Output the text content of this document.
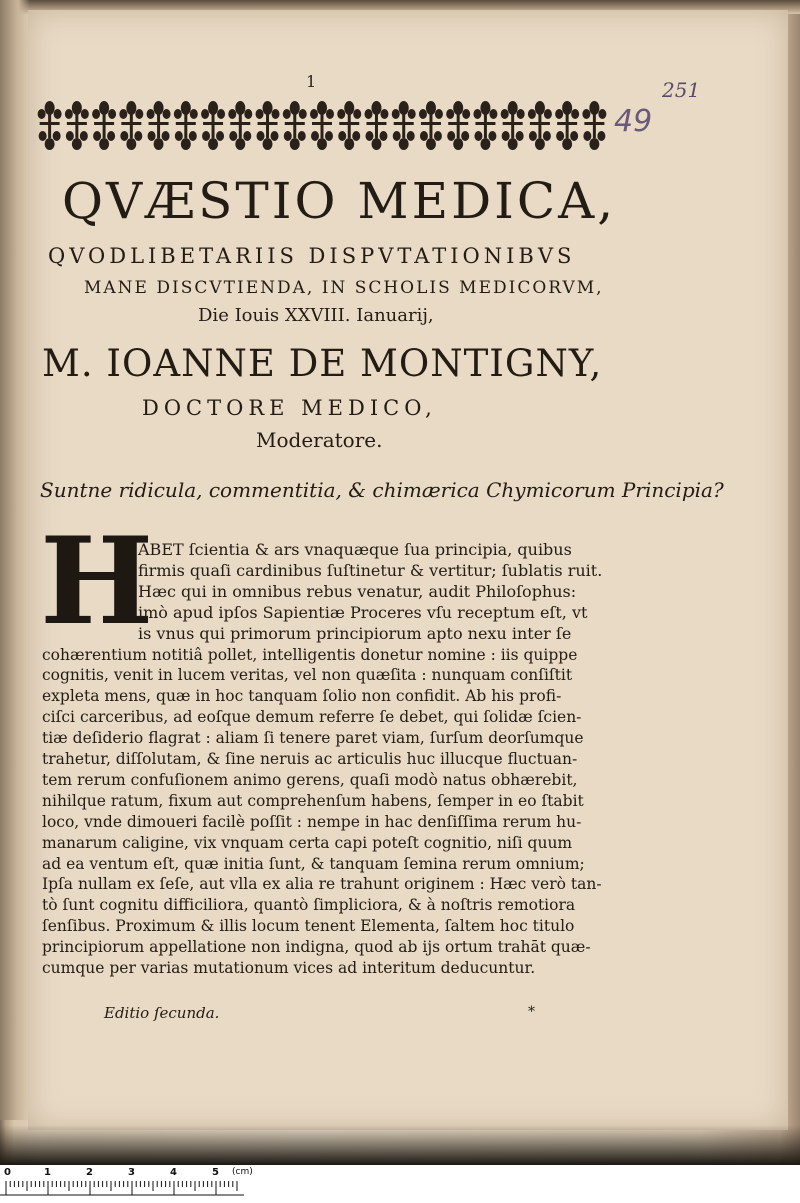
1	251
49
QVÆSTIO MEDICA,
QVODLIBETARIIS DISPVTATIONIBVS
MANE DISCVTIENDA, IN SCHOLIS MEDICORVM,
Die Iouis XXVIII. Ianuarij,
M. IOANNE DE MONTIGNY,
DOCTORE MEDICO,
Moderatore.
Suntne ridicula, commentitia, & chimærica Chymicorum Principia?
H
ABET ſcientia & ars vnaquæque ſua principia, quibus
firmis quaſi cardinibus ſuſtinetur & vertitur; ſublatis ruit.
Hæc qui in omnibus rebus venatur, audit Philoſophus:
imò apud ipſos Sapientiæ Proceres vſu receptum eſt, vt
is vnus qui primorum principiorum apto nexu inter ſe
cohærentium notitiâ pollet, intelligentis donetur nomine : iis quippe
cognitis, venit in lucem veritas, vel non quæſita : nunquam conſiſtit
expleta mens, quæ in hoc tanquam ſolio non confidit. Ab his profi-
ciſci carceribus, ad eoſque demum referre ſe debet, qui ſolidæ ſcien-
tiæ deſiderio flagrat : aliam ſi tenere paret viam, ſurſum deorſumque
trahetur, diſſolutam, & ſine neruis ac articulis huc illucque fluctuan-
tem rerum confuſionem animo gerens, quaſi modò natus obhærebit,
nihilque ratum, fixum aut comprehenſum habens, ſemper in eo ſtabit
loco, vnde dimoueri facilè poſſit : nempe in hac denſiſſima rerum hu-
manarum caligine, vix vnquam certa capi poteſt cognitio, niſi quum
ad ea ventum eſt, quæ initia ſunt, & tanquam ſemina rerum omnium;
Ipſa nullam ex ſeſe, aut vlla ex alia re trahunt originem : Hæc verò tan-
tò ſunt cognitu difficiliora, quantò ſimpliciora, & à noſtris remotiora
ſenſibus. Proximum & illis locum tenent Elementa, ſaltem hoc titulo
principiorum appellatione non indigna, quod ab ijs ortum trahāt quæ-
cumque per varias mutationum vices ad interitum deducuntur.
Editio ſecunda.	*
0	1	2	3	4	5 (cm)
